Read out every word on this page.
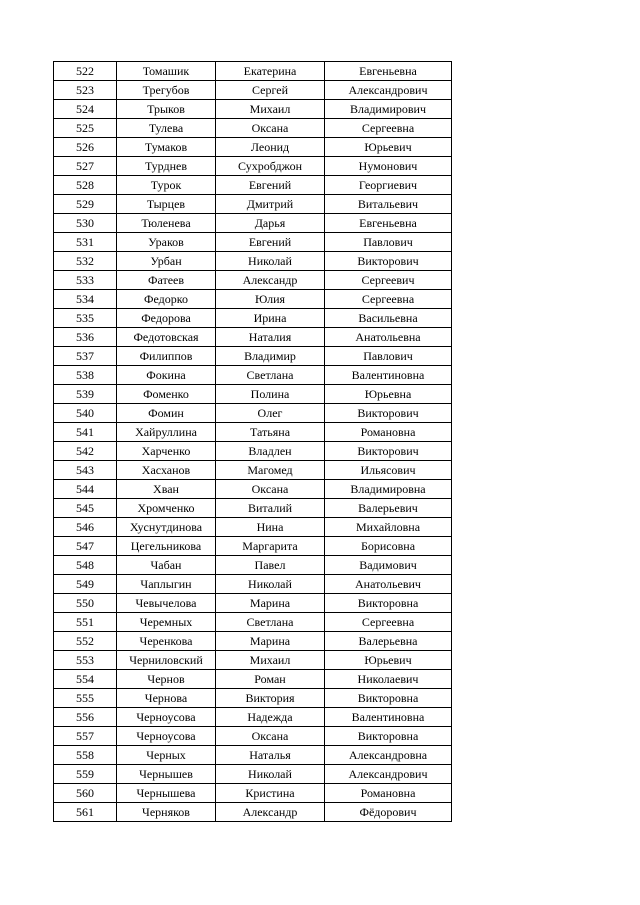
522	Томашик	Екатерина	Евгеньевна
523	Трегубов	Сергей	Александрович
524	Трыков	Михаил	Владимирович
525	Тулева	Оксана	Сергеевна
526	Тумаков	Леонид	Юрьевич
527	Турднев	Сухробджон	Нумонович
528	Турок	Евгений	Георгиевич
529	Тырцев	Дмитрий	Витальевич
530	Тюленева	Дарья	Евгеньевна
531	Ураков	Евгений	Павлович
532	Урбан	Николай	Викторович
533	Фатеев	Александр	Сергеевич
534	Федорко	Юлия	Сергеевна
535	Федорова	Ирина	Васильевна
536	Федотовская	Наталия	Анатольевна
537	Филиппов	Владимир	Павлович
538	Фокина	Светлана	Валентиновна
539	Фоменко	Полина	Юрьевна
540	Фомин	Олег	Викторович
541	Хайруллина	Татьяна	Романовна
542	Харченко	Владлен	Викторович
543	Хасханов	Магомед	Ильясович
544	Хван	Оксана	Владимировна
545	Хромченко	Виталий	Валерьевич
546	Хуснутдинова	Нина	Михайловна
547	Цегельникова	Маргарита	Борисовна
548	Чабан	Павел	Вадимович
549	Чаплыгин	Николай	Анатольевич
550	Чевычелова	Марина	Викторовна
551	Черемных	Светлана	Сергеевна
552	Черенкова	Марина	Валерьевна
553	Черниловский	Михаил	Юрьевич
554	Чернов	Роман	Николаевич
555	Чернова	Виктория	Викторовна
556	Черноусова	Надежда	Валентиновна
557	Черноусова	Оксана	Викторовна
558	Черных	Наталья	Александровна
559	Чернышев	Николай	Александрович
560	Чернышева	Кристина	Романовна
561	Черняков	Александр	Фёдорович
